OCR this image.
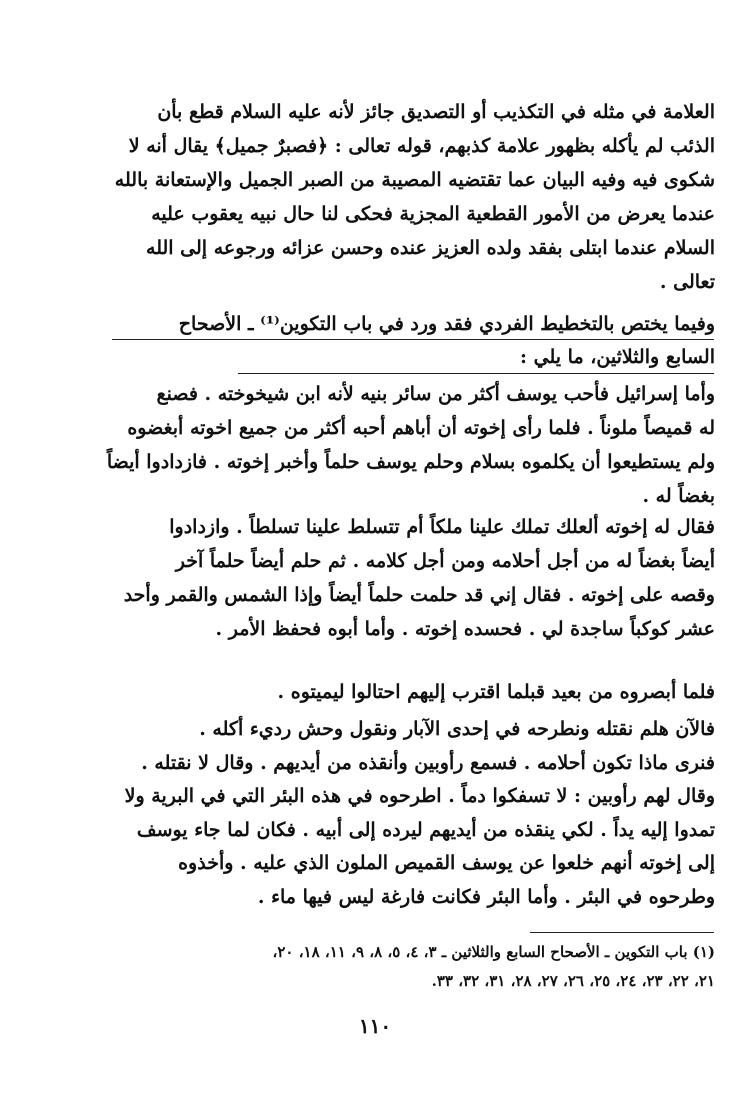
العلامة في مثله في التكذيب أو التصديق جائز لأنه عليه السلام قطع بأن
الذئب لم يأكله بظهور علامة كذبهم، قوله تعالى : ﴿فصبرٌ جميل﴾ يقال أنه لا
شكوى فيه وفيه البيان عما تقتضيه المصيبة من الصبر الجميل والإستعانة بالله
عندما يعرض من الأمور القطعية المجزية فحكى لنا حال نبيه يعقوب عليه
السلام عندما ابتلى بفقد ولده العزيز عنده وحسن عزائه ورجوعه إلى الله
تعالى .
وفيما يختص بالتخطيط الفردي فقد ورد في باب التكوين⁽¹⁾ ـ الأصحاح
السابع والثلاثين، ما يلي :
وأما إسرائيل فأحب يوسف أكثر من سائر بنيه لأنه ابن شيخوخته . فصنع
له قميصاً ملوناً . فلما رأى إخوته أن أباهم أحبه أكثر من جميع اخوته أبغضوه
ولم يستطيعوا أن يكلموه بسلام وحلم يوسف حلماً وأخبر إخوته . فازدادوا أيضاً
بغضاً له .
فقال له إخوته ألعلك تملك علينا ملكاً أم تتسلط علينا تسلطاً . وازدادوا
أيضاً بغضاً له من أجل أحلامه ومن أجل كلامه . ثم حلم أيضاً حلماً آخر
وقصه على إخوته . فقال إني قد حلمت حلماً أيضاً وإذا الشمس والقمر وأحد
عشر كوكباً ساجدة لي . فحسده إخوته . وأما أبوه فحفظ الأمر .
فلما أبصروه من بعيد قبلما اقترب إليهم احتالوا ليميتوه .
فالآن هلم نقتله ونطرحه في إحدى الآبار ونقول وحش رديء أكله .
فنرى ماذا تكون أحلامه . فسمع رأوبين وأنقذه من أيديهم . وقال لا نقتله .
وقال لهم رأوبين : لا تسفكوا دماً . اطرحوه في هذه البئر التي في البرية ولا
تمدوا إليه يداً . لكي ينقذه من أيديهم ليرده إلى أبيه . فكان لما جاء يوسف
إلى إخوته أنهم خلعوا عن يوسف القميص الملون الذي عليه . وأخذوه
وطرحوه في البئر . وأما البئر فكانت فارغة ليس فيها ماء .
(١) باب التكوين ـ الأصحاح السابع والثلاثين ـ ٣، ٤، ٥، ٨، ٩، ١١، ١٨، ٢٠،
٢١، ٢٢، ٢٣، ٢٤، ٢٥، ٢٦، ٢٧، ٢٨، ٣١، ٣٢، ٣٣.
١١٠
